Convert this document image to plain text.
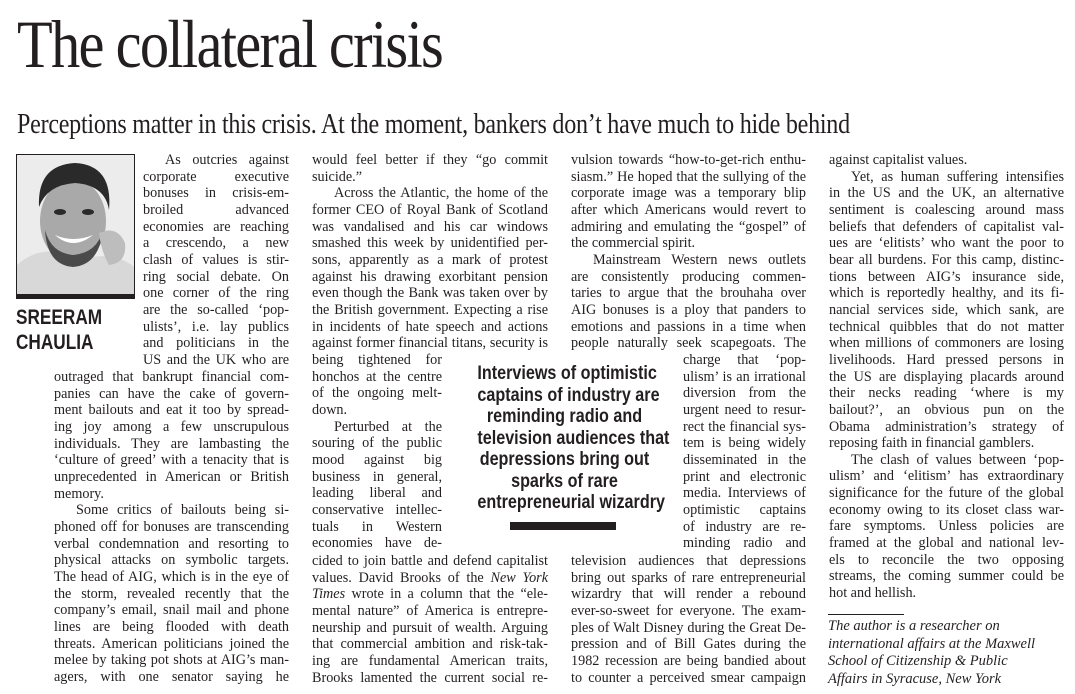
The collateral crisis
Perceptions matter in this crisis. At the moment, bankers don’t have much to hide behind
SREERAM
CHAULIA
As outcries against
corporate executive
bonuses in crisis-em-
broiled advanced
economies are reaching
a crescendo, a new
clash of values is stir-
ring social debate. On
one corner of the ring
are the so-called ‘pop-
ulists’, i.e. lay publics
and politicians in the
US and the UK who are
outraged that bankrupt financial com-
panies can have the cake of govern-
ment bailouts and eat it too by spread-
ing joy among a few unscrupulous
individuals. They are lambasting the
‘culture of greed’ with a tenacity that is
unprecedented in American or British
memory.
Some critics of bailouts being si-
phoned off for bonuses are transcending
verbal condemnation and resorting to
physical attacks on symbolic targets.
The head of AIG, which is in the eye of
the storm, revealed recently that the
company’s email, snail mail and phone
lines are being flooded with death
threats. American politicians joined the
melee by taking pot shots at AIG’s man-
agers, with one senator saying he
would feel better if they “go commit
suicide.”
Across the Atlantic, the home of the
former CEO of Royal Bank of Scotland
was vandalised and his car windows
smashed this week by unidentified per-
sons, apparently as a mark of protest
against his drawing exorbitant pension
even though the Bank was taken over by
the British government. Expecting a rise
in incidents of hate speech and actions
against former financial titans, security is
being tightened for
honchos at the centre
of the ongoing melt-
down.
Perturbed at the
souring of the public
mood against big
business in general,
leading liberal and
conservative intellec-
tuals in Western
economies have de-
cided to join battle and defend capitalist
values. David Brooks of the New York
Times wrote in a column that the “ele-
mental nature” of America is entrepre-
neurship and pursuit of wealth. Arguing
that commercial ambition and risk-tak-
ing are fundamental American traits,
Brooks lamented the current social re-
vulsion towards “how-to-get-rich enthu-
siasm.” He hoped that the sullying of the
corporate image was a temporary blip
after which Americans would revert to
admiring and emulating the “gospel” of
the commercial spirit.
Mainstream Western news outlets
are consistently producing commen-
taries to argue that the brouhaha over
AIG bonuses is a ploy that panders to
emotions and passions in a time when
people naturally seek scapegoats. The
charge that ‘pop-
ulism’ is an irrational
diversion from the
urgent need to resur-
rect the financial sys-
tem is being widely
disseminated in the
print and electronic
media. Interviews of
optimistic captains
of industry are re-
minding radio and
television audiences that depressions
bring out sparks of rare entrepreneurial
wizardry that will render a rebound
ever-so-sweet for everyone. The exam-
ples of Walt Disney during the Great De-
pression and of Bill Gates during the
1982 recession are being bandied about
to counter a perceived smear campaign
against capitalist values.
Yet, as human suffering intensifies
in the US and the UK, an alternative
sentiment is coalescing around mass
beliefs that defenders of capitalist val-
ues are ‘elitists’ who want the poor to
bear all burdens. For this camp, distinc-
tions between AIG’s insurance side,
which is reportedly healthy, and its fi-
nancial services side, which sank, are
technical quibbles that do not matter
when millions of commoners are losing
livelihoods. Hard pressed persons in
the US are displaying placards around
their necks reading ‘where is my
bailout?’, an obvious pun on the
Obama administration’s strategy of
reposing faith in financial gamblers.
The clash of values between ‘pop-
ulism’ and ‘elitism’ has extraordinary
significance for the future of the global
economy owing to its closet class war-
fare symptoms. Unless policies are
framed at the global and national lev-
els to reconcile the two opposing
streams, the coming summer could be
hot and hellish.
Interviews of optimistic
captains of industry are
reminding radio and
television audiences that
depressions bring out
sparks of rare
entrepreneurial wizardry
The author is a researcher on
international affairs at the Maxwell
School of Citizenship & Public
Affairs in Syracuse, New York
